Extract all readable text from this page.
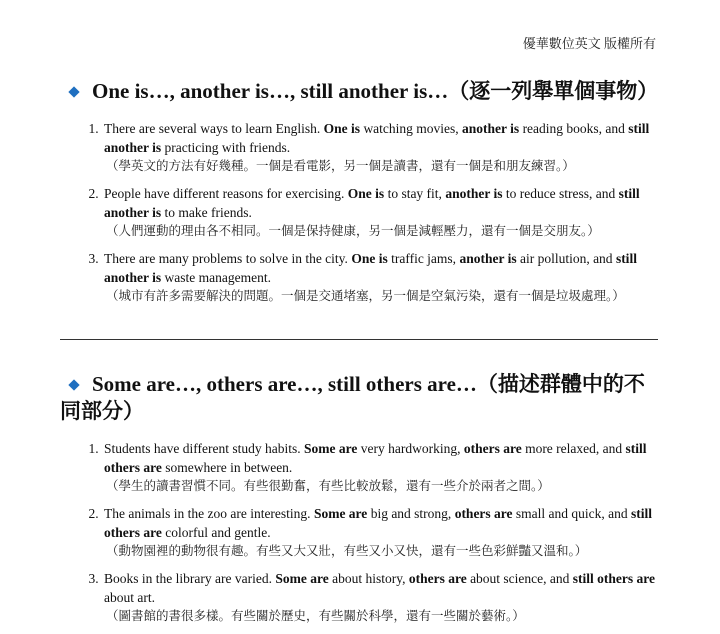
優華數位英文 版權所有

One is…, another is…, still another is…（逐一列舉單個事物）

1. There are several ways to learn English. One is watching movies, another is reading books, and still another is practicing with friends.
（學英文的方法有好幾種。一個是看電影，另一個是讀書，還有一個是和朋友練習。）
2. People have different reasons for exercising. One is to stay fit, another is to reduce stress, and still another is to make friends.
（人們運動的理由各不相同。一個是保持健康，另一個是減輕壓力，還有一個是交朋友。）
3. There are many problems to solve in the city. One is traffic jams, another is air pollution, and still another is waste management.
（城市有許多需要解決的問題。一個是交通堵塞，另一個是空氣污染，還有一個是垃圾處理。）

Some are…, others are…, still others are…（描述群體中的不同部分）

1. Students have different study habits. Some are very hardworking, others are more relaxed, and still others are somewhere in between.
（學生的讀書習慣不同。有些很勤奮，有些比較放鬆，還有一些介於兩者之間。）
2. The animals in the zoo are interesting. Some are big and strong, others are small and quick, and still others are colorful and gentle.
（動物園裡的動物很有趣。有些又大又壯，有些又小又快，還有一些色彩鮮豔又溫和。）
3. Books in the library are varied. Some are about history, others are about science, and still others are about art.
（圖書館的書很多樣。有些關於歷史，有些關於科學，還有一些關於藝術。）
